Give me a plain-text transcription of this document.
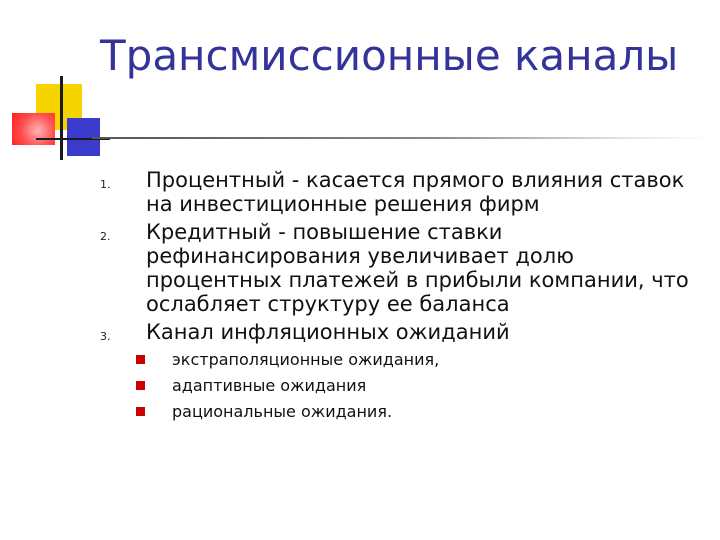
Трансмиссионные каналы
1. Процентный - касается прямого влияния ставок на инвестиционные решения фирм
2. Кредитный - повышение ставки рефинансирования увеличивает долю процентных платежей в прибыли компании, что ослабляет структуру ее баланса
3. Канал инфляционных ожиданий
экстраполяционные ожидания,
адаптивные ожидания
рациональные ожидания.
